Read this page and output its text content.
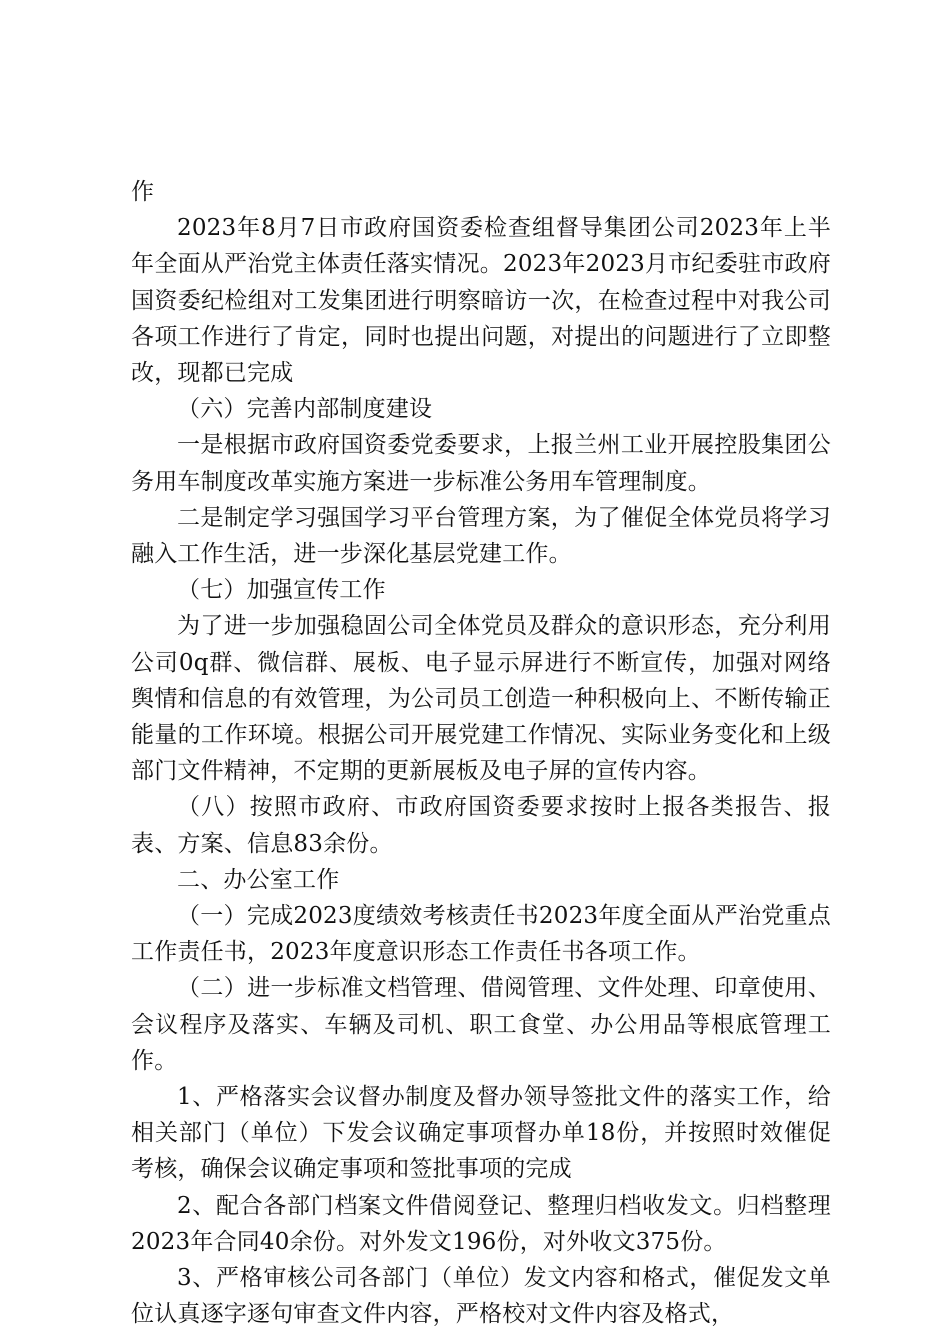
作

2023年8月7日市政府国资委检查组督导集团公司2023年上半年全面从严治党主体责任落实情况。2023年2023月市纪委驻市政府国资委纪检组对工发集团进行明察暗访一次，在检查过程中对我公司各项工作进行了肯定，同时也提出问题，对提出的问题进行了立即整改，现都已完成

（六）完善内部制度建设

一是根据市政府国资委党委要求，上报兰州工业开展控股集团公务用车制度改革实施方案进一步标准公务用车管理制度。

二是制定学习强国学习平台管理方案，为了催促全体党员将学习融入工作生活，进一步深化基层党建工作。

（七）加强宣传工作

为了进一步加强稳固公司全体党员及群众的意识形态，充分利用公司0q群、微信群、展板、电子显示屏进行不断宣传，加强对网络舆情和信息的有效管理，为公司员工创造一种积极向上、不断传输正能量的工作环境。根据公司开展党建工作情况、实际业务变化和上级部门文件精神，不定期的更新展板及电子屏的宣传内容。

（八）按照市政府、市政府国资委要求按时上报各类报告、报表、方案、信息83余份。

二、办公室工作

（一）完成2023度绩效考核责任书2023年度全面从严治党重点工作责任书，2023年度意识形态工作责任书各项工作。

（二）进一步标准文档管理、借阅管理、文件处理、印章使用、会议程序及落实、车辆及司机、职工食堂、办公用品等根底管理工作。

1、严格落实会议督办制度及督办领导签批文件的落实工作，给相关部门（单位）下发会议确定事项督办单18份，并按照时效催促考核，确保会议确定事项和签批事项的完成

2、配合各部门档案文件借阅登记、整理归档收发文。归档整理2023年合同40余份。对外发文196份，对外收文375份。

3、严格审核公司各部门（单位）发文内容和格式，催促发文单位认真逐字逐句审查文件内容，严格校对文件内容及格式，
